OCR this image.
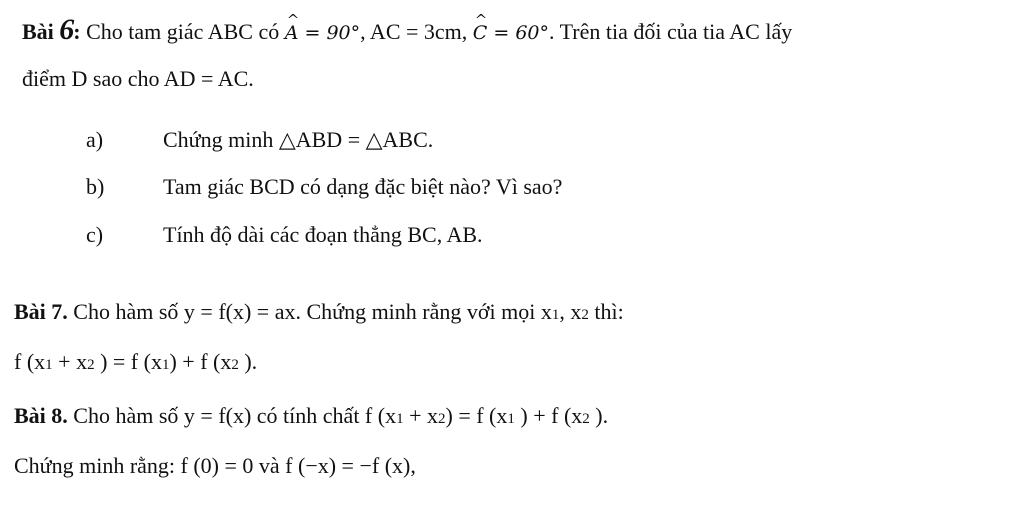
Bài 6: Cho tam giác ABC có ^ A = 90°, AC = 3cm, ^ C = 60°. Trên tia đối của tia AC lấy
điểm D sao cho AD = AC.
a)	Chứng minh △ABD = △ABC.
b)	Tam giác BCD có dạng đặc biệt nào? Vì sao?
c)	Tính độ dài các đoạn thẳng BC, AB.
Bài 7. Cho hàm số y = f(x) = ax. Chứng minh rằng với mọi x1, x2 thì:
f (x1 + x2 ) = f (x1) + f (x2 ).
Bài 8. Cho hàm số y = f(x) có tính chất f (x1 + x2) = f (x1 ) + f (x2 ).
Chứng minh rằng: f (0) = 0 và f (−x) = −f (x),
